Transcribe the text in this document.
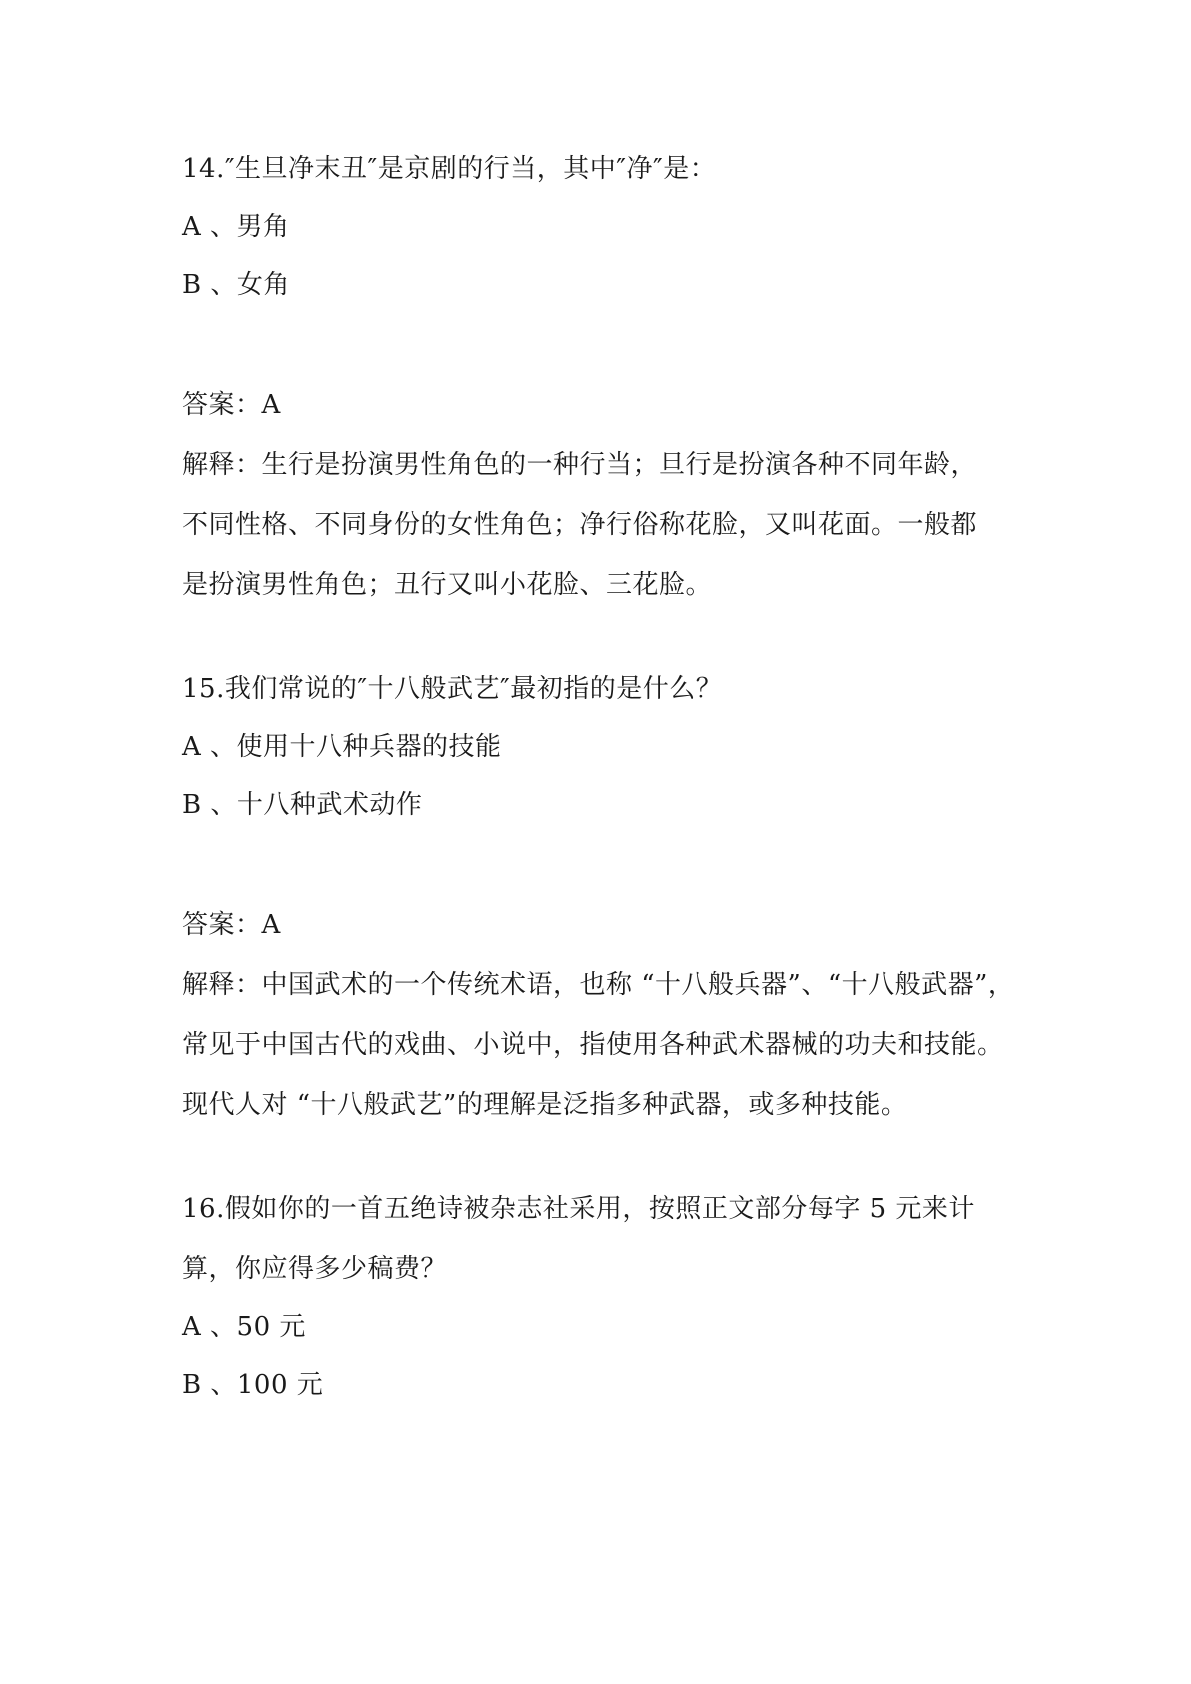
14.″生旦净末丑″是京剧的行当，其中″净″是：
A 、男角
B 、女角
答案：A
解释：生行是扮演男性角色的一种行当；旦行是扮演各种不同年龄，
不同性格、不同身份的女性角色；净行俗称花脸，又叫花面。一般都
是扮演男性角色；丑行又叫小花脸、三花脸。
15.我们常说的″十八般武艺″最初指的是什么？
A 、使用十八种兵器的技能
B 、十八种武术动作
答案：A
解释：中国武术的一个传统术语，也称 “十八般兵器”、“十八般武器”，
常见于中国古代的戏曲、小说中，指使用各种武术器械的功夫和技能。
现代人对 “十八般武艺”的理解是泛指多种武器，或多种技能。
16.假如你的一首五绝诗被杂志社采用，按照正文部分每字 5 元来计
算，你应得多少稿费？
A 、50 元
B 、100 元
